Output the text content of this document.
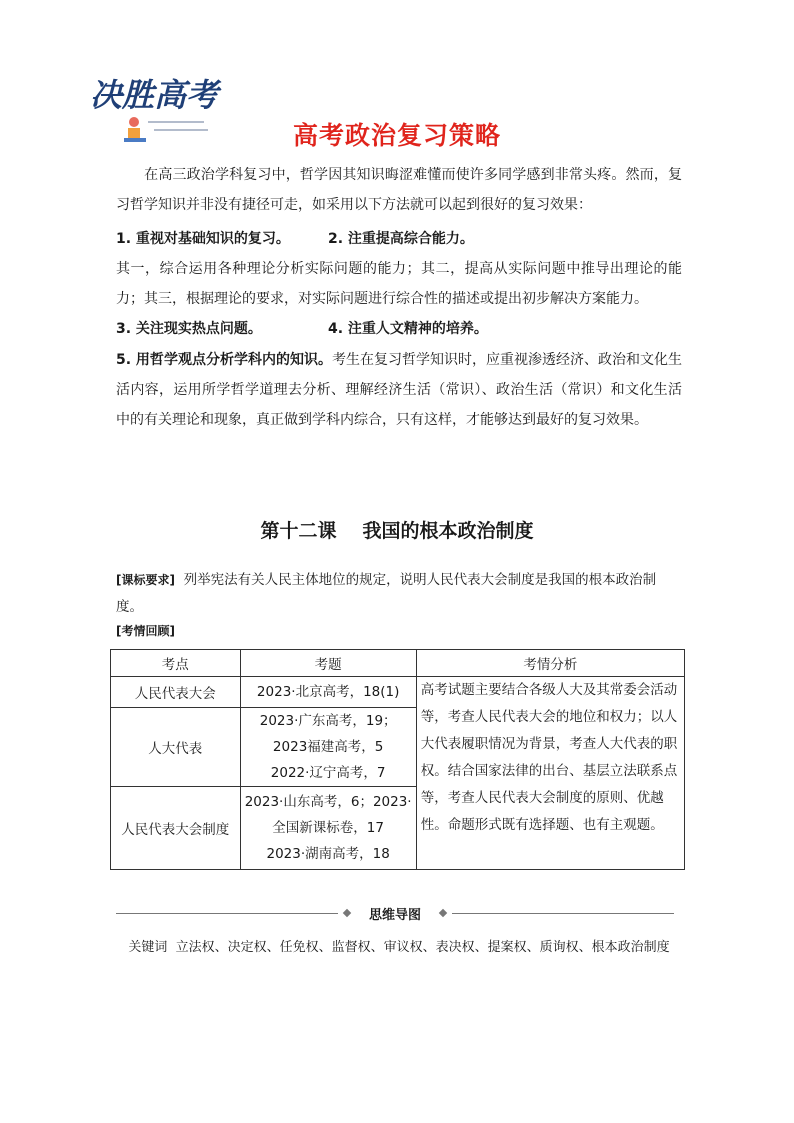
决胜高考
高考政治复习策略
在高三政治学科复习中，哲学因其知识晦涩难懂而使许多同学感到非常头疼。然而，复习哲学知识并非没有捷径可走，如采用以下方法就可以起到很好的复习效果：
1. 重视对基础知识的复习。	2. 注重提高综合能力。
其一，综合运用各种理论分析实际问题的能力；其二，提高从实际问题中推导出理论的能力；其三，根据理论的要求，对实际问题进行综合性的描述或提出初步解决方案能力。
3. 关注现实热点问题。	4. 注重人文精神的培养。
5. 用哲学观点分析学科内的知识。考生在复习哲学知识时，应重视渗透经济、政治和文化生活内容，运用所学哲学道理去分析、理解经济生活（常识）、政治生活（常识）和文化生活中的有关理论和现象，真正做到学科内综合，只有这样，才能够达到最好的复习效果。
第十二课 我国的根本政治制度
[课标要求] 列举宪法有关人民主体地位的规定，说明人民代表大会制度是我国的根本政治制度。
[考情回顾]
考点	考题	考情分析
人民代表大会	2023·北京高考，18(1)	高考试题主要结合各级人大及其常委会活动等，考查人民代表大会的地位和权力；以人大代表履职情况为背景，考查人大代表的职权。结合国家法律的出台、基层立法联系点等，考查人民代表大会制度的原则、优越性。命题形式既有选择题、也有主观题。
人大代表	2023·广东高考，19；2023福建高考，5
2022·辽宁高考，7	

人民代表大会制度	2023·山东高考，6；2023·全国新课标卷，17
2023·湖南高考，18	
思维导图
关键词 立法权、决定权、任免权、监督权、审议权、表决权、提案权、质询权、根本政治制度
